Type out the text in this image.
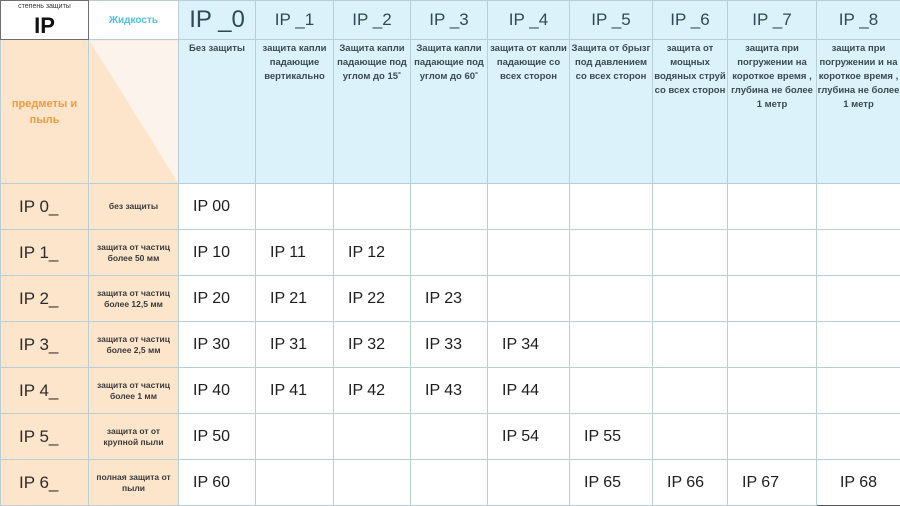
степень защиты
IP	Жидкость	IP _0	IP _1	IP _2	IP _3	IP _4	IP _5	IP _6	IP _7	IP _8
предметы и пыль		Без защиты	защита капли падающие вертикально	Защита капли падающие под углом до 15˚	Защита капли падающие под углом до 60˚	защита от капли падающие со всех сторон	Защита от брызг под давлением со всех сторон	защита от мощных водяных струй со всех сторон	защита при погружении на короткое время , глубина не более 1 метр	защита при погружении и на короткое время , глубина не более 1 метр
IP 0_	без защиты	IP 00								
IP 1_	защита от частиц более 50 мм	IP 10	IP 11	IP 12						
IP 2_	защита от частиц более 12,5 мм	IP 20	IP 21	IP 22	IP 23					
IP 3_	защита от частиц более 2,5 мм	IP 30	IP 31	IP 32	IP 33	IP 34				
IP 4_	защита от частиц более 1 мм	IP 40	IP 41	IP 42	IP 43	IP 44				
IP 5_	защита от от крупной пыли	IP 50				IP 54	IP 55			
IP 6_	полная защита от пыли	IP 60					IP 65	IP 66	IP 67	IP 68
